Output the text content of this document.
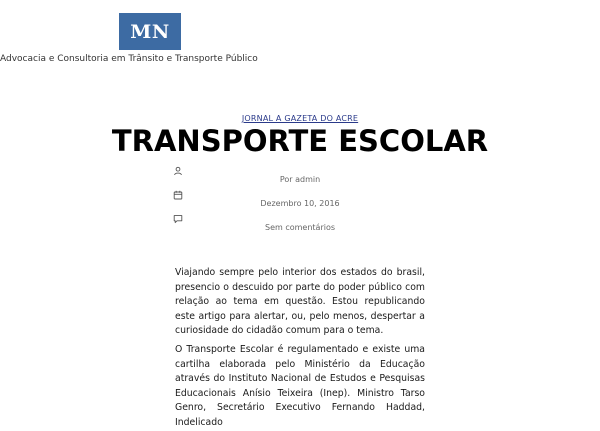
MN
Advocacia e Consultoria em Trânsito e Transporte Público
JORNAL A GAZETA DO ACRE
TRANSPORTE ESCOLAR
Por admin
Dezembro 10, 2016
Sem comentários

Viajando sempre pelo interior dos estados do brasil, presencio o descuido por parte do poder público com relação ao tema em questão. Estou republicando este artigo para alertar, ou, pelo menos, despertar a curiosidade do cidadão comum para o tema.

O Transporte Escolar é regulamentado e existe uma cartilha elaborada pelo Ministério da Educação através do Instituto Nacional de Estudos e Pesquisas Educacionais Anísio Teixeira (Inep). Ministro Tarso Genro, Secretário Executivo Fernando Haddad, Indelicado
